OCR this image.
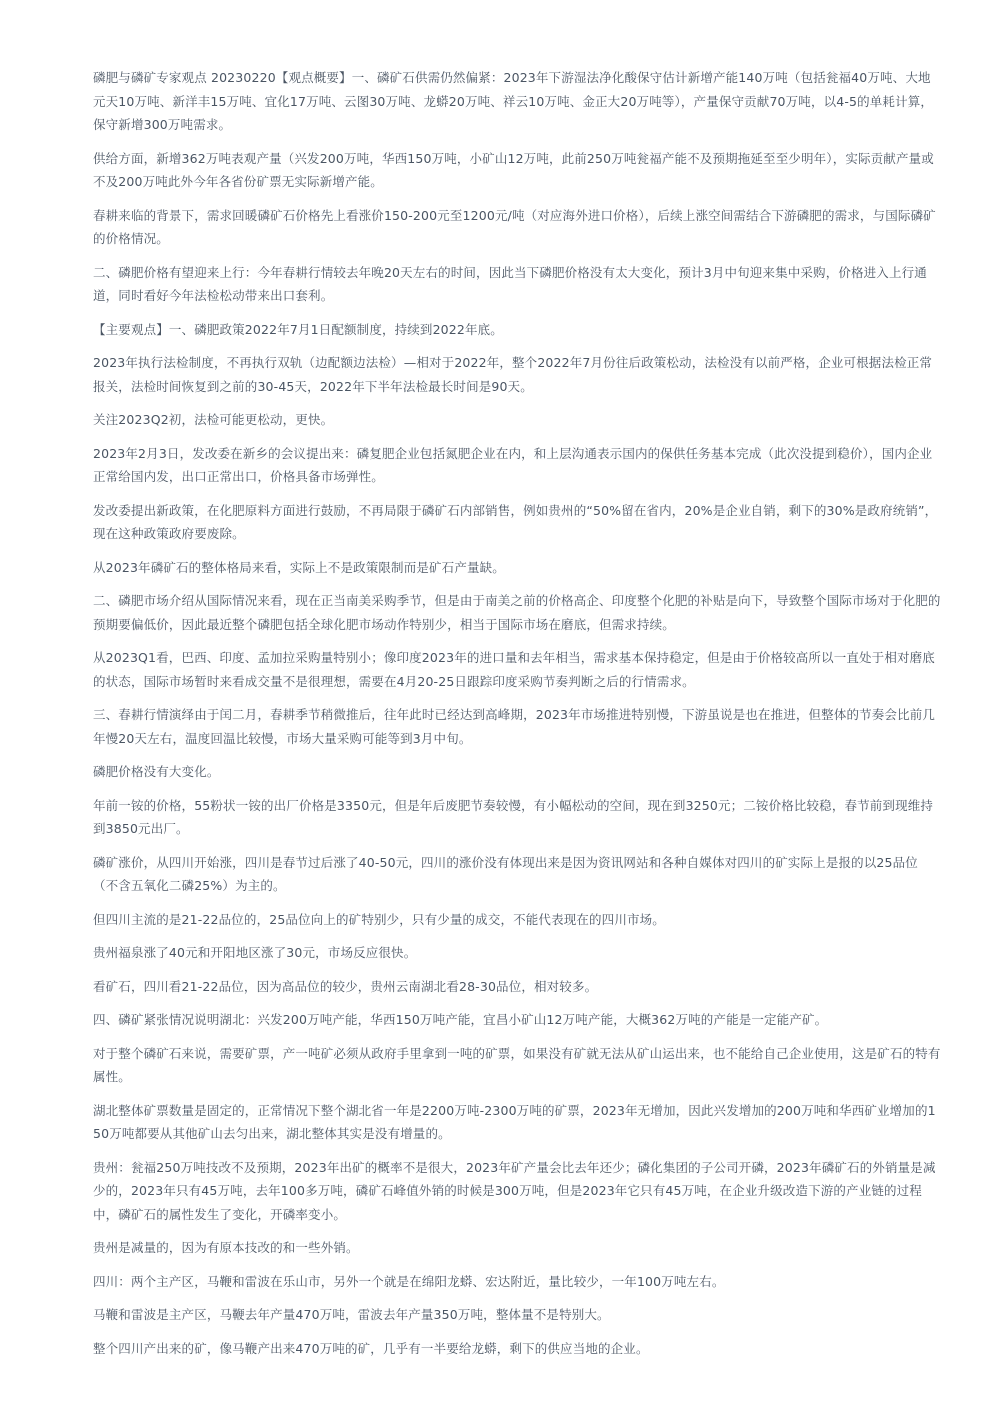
磷肥与磷矿专家观点 20230220【观点概要】一、磷矿石供需仍然偏紧：2023年下游湿法净化酸保守估计新增产能140万吨（包括瓮福40万吨、大地元天10万吨、新洋丰15万吨、宜化17万吨、云图30万吨、龙蟒20万吨、祥云10万吨、金正大20万吨等），产量保守贡献70万吨，以4-5的单耗计算，保守新增300万吨需求。

供给方面，新增362万吨表观产量（兴发200万吨，华西150万吨，小矿山12万吨，此前250万吨瓮福产能不及预期拖延至至少明年），实际贡献产量或不及200万吨此外今年各省份矿票无实际新增产能。

春耕来临的背景下，需求回暖磷矿石价格先上看涨价150-200元至1200元/吨（对应海外进口价格），后续上涨空间需结合下游磷肥的需求，与国际磷矿的价格情况。

二、磷肥价格有望迎来上行：今年春耕行情较去年晚20天左右的时间，因此当下磷肥价格没有太大变化，预计3月中旬迎来集中采购，价格进入上行通道，同时看好今年法检松动带来出口套利。

【主要观点】一、磷肥政策2022年7月1日配额制度，持续到2022年底。

2023年执行法检制度，不再执行双轨（边配额边法检）—相对于2022年，整个2022年7月份往后政策松动，法检没有以前严格，企业可根据法检正常报关，法检时间恢复到之前的30-45天，2022年下半年法检最长时间是90天。

关注2023Q2初，法检可能更松动，更快。

2023年2月3日，发改委在新乡的会议提出来：磷复肥企业包括氮肥企业在内，和上层沟通表示国内的保供任务基本完成（此次没提到稳价），国内企业正常给国内发，出口正常出口，价格具备市场弹性。

发改委提出新政策，在化肥原料方面进行鼓励，不再局限于磷矿石内部销售，例如贵州的“50%留在省内，20%是企业自销，剩下的30%是政府统销”，现在这种政策政府要废除。

从2023年磷矿石的整体格局来看，实际上不是政策限制而是矿石产量缺。

二、磷肥市场介绍从国际情况来看，现在正当南美采购季节，但是由于南美之前的价格高企、印度整个化肥的补贴是向下，导致整个国际市场对于化肥的预期要偏低价，因此最近整个磷肥包括全球化肥市场动作特别少，相当于国际市场在磨底，但需求持续。

从2023Q1看，巴西、印度、孟加拉采购量特别小；像印度2023年的进口量和去年相当，需求基本保持稳定，但是由于价格较高所以一直处于相对磨底的状态，国际市场暂时来看成交量不是很理想，需要在4月20-25日跟踪印度采购节奏判断之后的行情需求。

三、春耕行情演绎由于闰二月，春耕季节稍微推后，往年此时已经达到高峰期，2023年市场推进特别慢，下游虽说是也在推进，但整体的节奏会比前几年慢20天左右，温度回温比较慢，市场大量采购可能等到3月中旬。

磷肥价格没有大变化。

年前一铵的价格，55粉状一铵的出厂价格是3350元，但是年后废肥节奏较慢，有小幅松动的空间，现在到3250元；二铵价格比较稳，春节前到现维持到3850元出厂。

磷矿涨价，从四川开始涨，四川是春节过后涨了40-50元，四川的涨价没有体现出来是因为资讯网站和各种自媒体对四川的矿实际上是报的以25品位（不含五氧化二磷25%）为主的。

但四川主流的是21-22品位的，25品位向上的矿特别少，只有少量的成交，不能代表现在的四川市场。

贵州福泉涨了40元和开阳地区涨了30元，市场反应很快。

看矿石，四川看21-22品位，因为高品位的较少，贵州云南湖北看28-30品位，相对较多。

四、磷矿紧张情况说明湖北：兴发200万吨产能，华西150万吨产能，宜昌小矿山12万吨产能，大概362万吨的产能是一定能产矿。

对于整个磷矿石来说，需要矿票，产一吨矿必须从政府手里拿到一吨的矿票，如果没有矿就无法从矿山运出来，也不能给自己企业使用，这是矿石的特有属性。

湖北整体矿票数量是固定的，正常情况下整个湖北省一年是2200万吨-2300万吨的矿票，2023年无增加，因此兴发增加的200万吨和华西矿业增加的150万吨都要从其他矿山去匀出来，湖北整体其实是没有增量的。

贵州：瓮福250万吨技改不及预期，2023年出矿的概率不是很大，2023年矿产量会比去年还少；磷化集团的子公司开磷，2023年磷矿石的外销量是减少的，2023年只有45万吨，去年100多万吨，磷矿石峰值外销的时候是300万吨，但是2023年它只有45万吨，在企业升级改造下游的产业链的过程中，磷矿石的属性发生了变化，开磷率变小。

贵州是减量的，因为有原本技改的和一些外销。

四川：两个主产区，马鞭和雷波在乐山市，另外一个就是在绵阳龙蟒、宏达附近，量比较少，一年100万吨左右。

马鞭和雷波是主产区，马鞭去年产量470万吨，雷波去年产量350万吨，整体量不是特别大。

整个四川产出来的矿，像马鞭产出来470万吨的矿，几乎有一半要给龙蟒，剩下的供应当地的企业。
